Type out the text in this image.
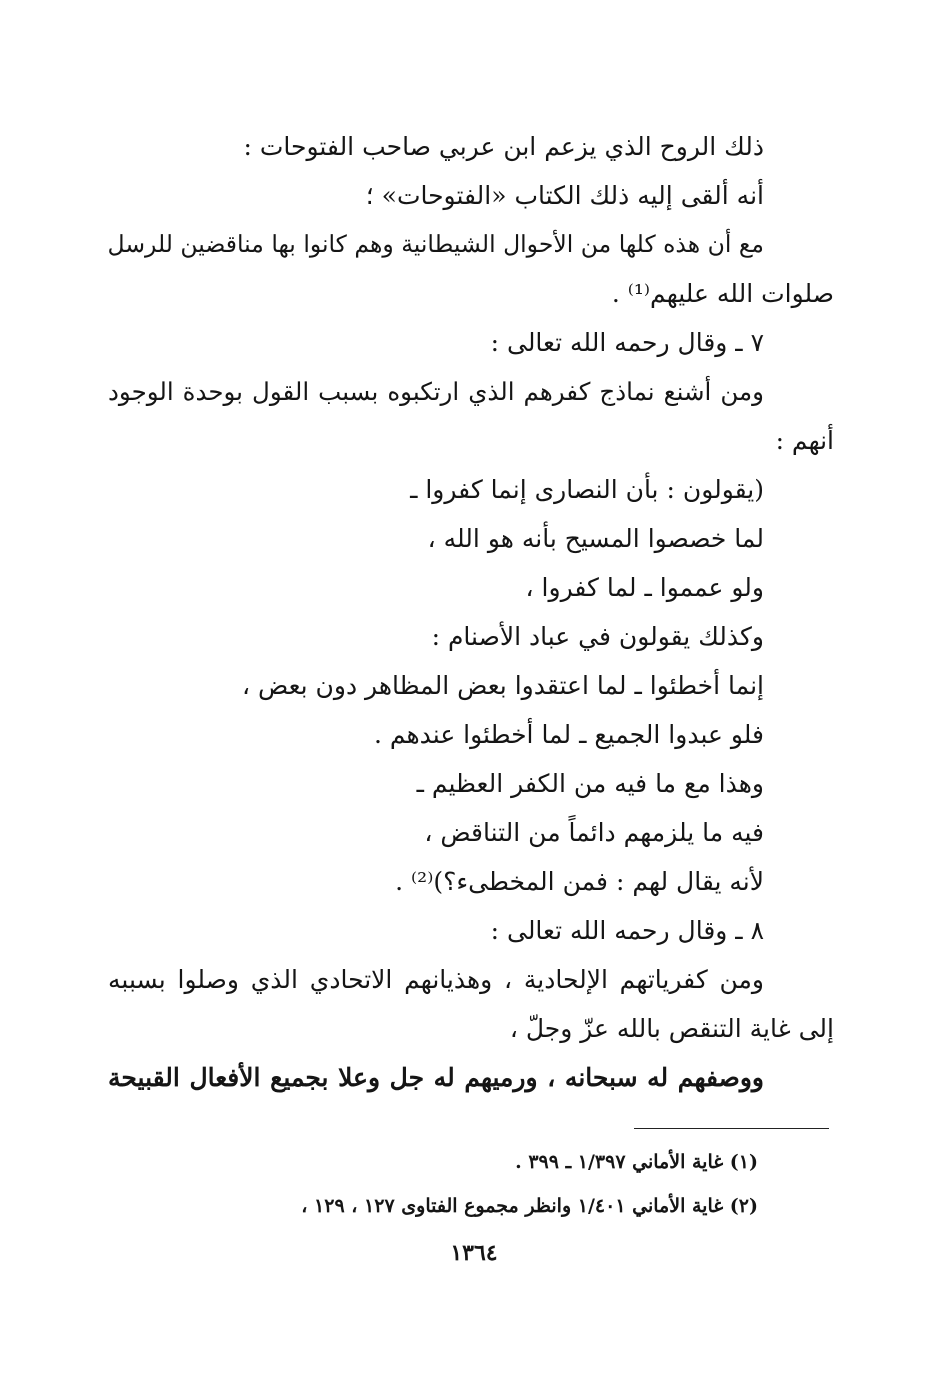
ذلك الروح الذي يزعم ابن عربي صاحب الفتوحات :
أنه ألقى إليه ذلك الكتاب «الفتوحات» ؛
مع أن هذه كلها من الأحوال الشيطانية وهم كانوا بها مناقضين للرسل
صلوات الله عليهم⁽¹⁾ .
٧ ـ وقال رحمه الله تعالى :
ومن أشنع نماذج كفرهم الذي ارتكبوه بسبب القول بوحدة الوجود
أنهم :
(يقولون : بأن النصارى إنما كفروا ـ
لما خصصوا المسيح بأنه هو الله ،
ولو عمموا ـ لما كفروا ،
وكذلك يقولون في عباد الأصنام :
إنما أخطئوا ـ لما اعتقدوا بعض المظاهر دون بعض ،
فلو عبدوا الجميع ـ لما أخطئوا عندهم .
وهذا مع ما فيه من الكفر العظيم ـ
فيه ما يلزمهم دائماً من التناقض ،
لأنه يقال لهم : فمن المخطىء؟)⁽²⁾ .
٨ ـ وقال رحمه الله تعالى :
ومن كفرياتهم الإلحادية ، وهذيانهم الاتحادي الذي وصلوا بسببه
إلى غاية التنقص بالله عزّ وجلّ ،
ووصفهم له سبحانه ، ورميهم له جل وعلا بجميع الأفعال القبيحة
(١) غاية الأماني ١/٣٩٧ ـ ٣٩٩ .
(٢) غاية الأماني ١/٤٠١ وانظر مجموع الفتاوى ١٢٧ ، ١٢٩ ،
١٣٦٤
